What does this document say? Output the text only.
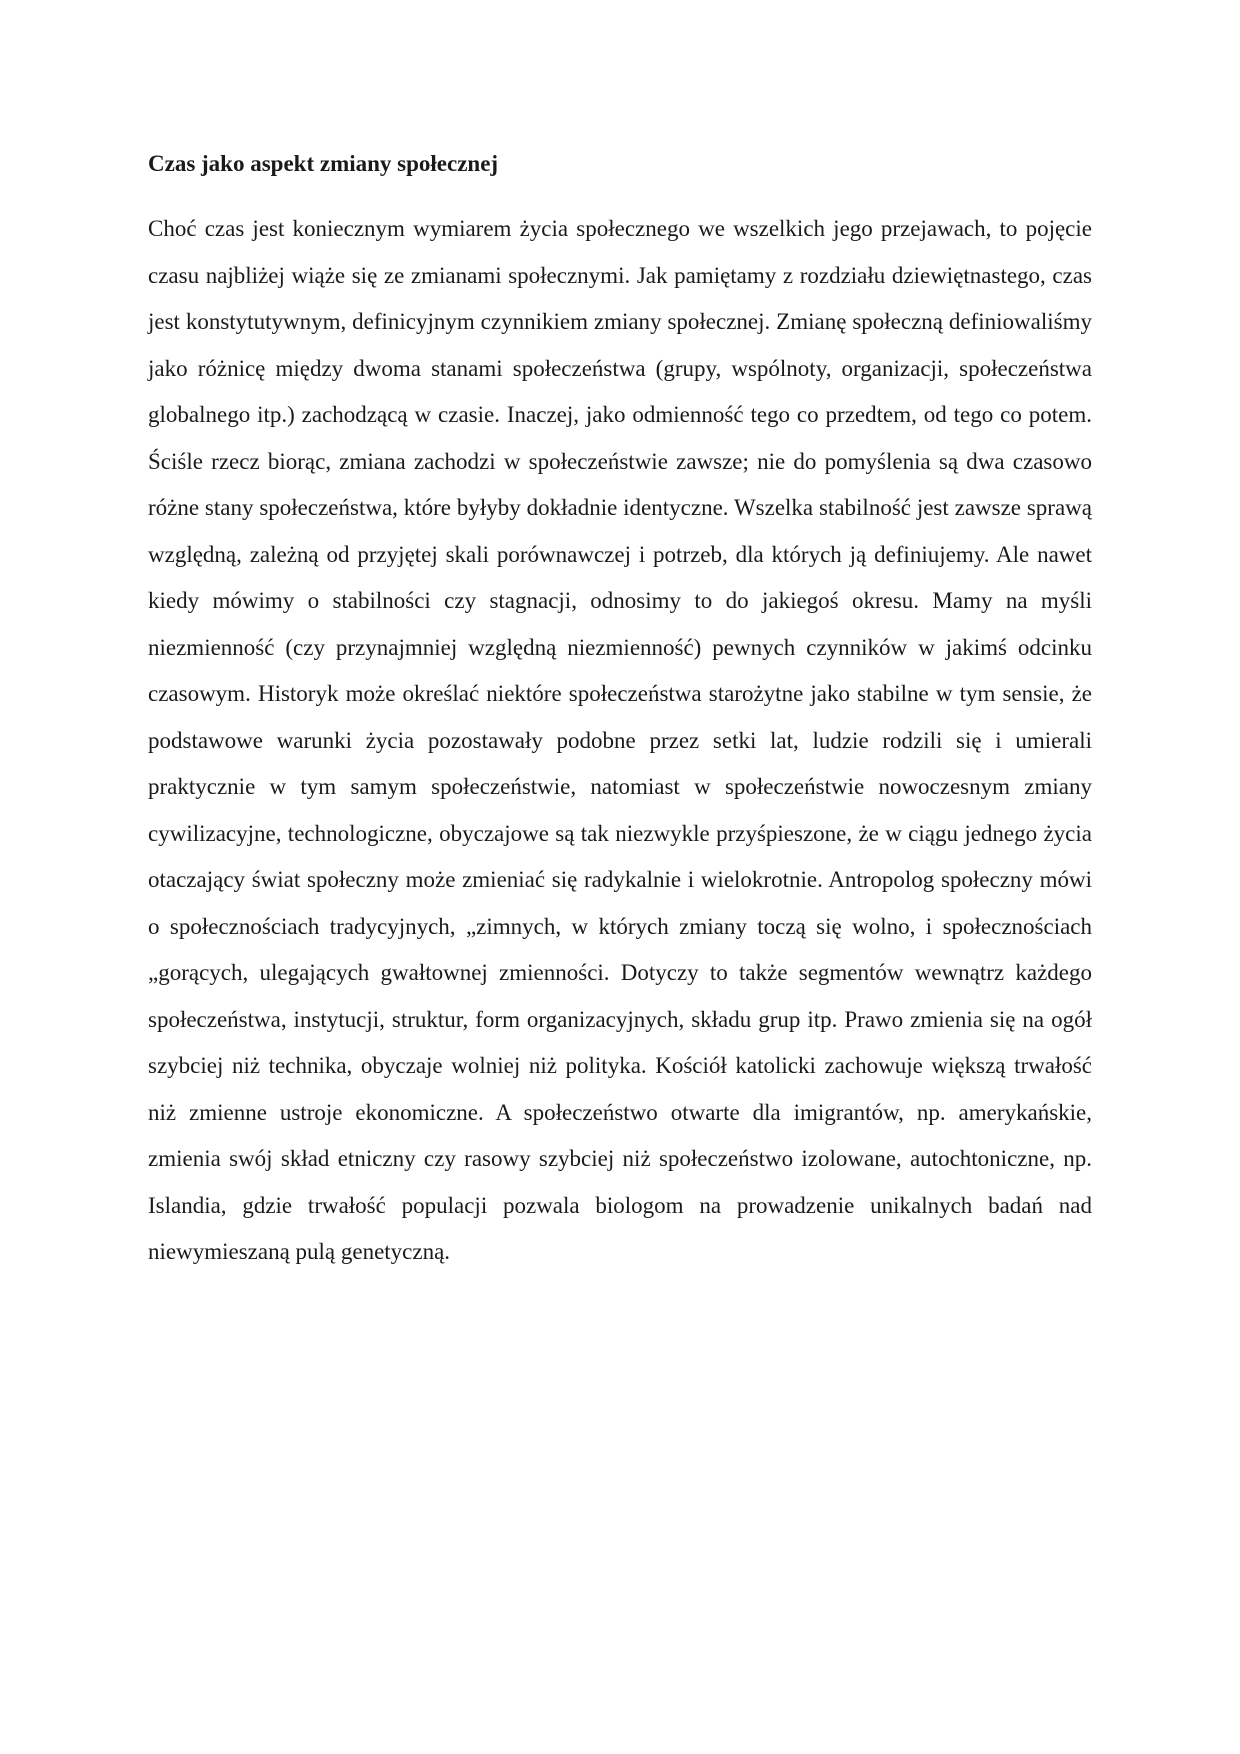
Czas jako aspekt zmiany społecznej

Choć czas jest koniecznym wymiarem życia społecznego we wszelkich jego przejawach, to pojęcie czasu najbliżej wiąże się ze zmianami społecznymi. Jak pamiętamy z rozdziału dziewiętnastego, czas jest konstytutywnym, definicyjnym czynnikiem zmiany społecznej. Zmianę społeczną definiowaliśmy jako różnicę między dwoma stanami społeczeństwa (grupy, wspólnoty, organizacji, społeczeństwa globalnego itp.) zachodzącą w czasie. Inaczej, jako odmienność tego co przedtem, od tego co potem. Ściśle rzecz biorąc, zmiana zachodzi w społeczeństwie zawsze; nie do pomyślenia są dwa czasowo różne stany społeczeństwa, które byłyby dokładnie identyczne. Wszelka stabilność jest zawsze sprawą względną, zależną od przyjętej skali porównawczej i potrzeb, dla których ją definiujemy. Ale nawet kiedy mówimy o stabilności czy stagnacji, odnosimy to do jakiegoś okresu. Mamy na myśli niezmienność (czy przynajmniej względną niezmienność) pewnych czynników w jakimś odcinku czasowym. Historyk może określać niektóre społeczeństwa starożytne jako stabilne w tym sensie, że podstawowe warunki życia pozostawały podobne przez setki lat, ludzie rodzili się i umierali praktycznie w tym samym społeczeństwie, natomiast w społeczeństwie nowoczesnym zmiany cywilizacyjne, technologiczne, obyczajowe są tak niezwykle przyśpieszone, że w ciągu jednego życia otaczający świat społeczny może zmieniać się radykalnie i wielokrotnie. Antropolog społeczny mówi o społecznościach tradycyjnych, „zimnych, w których zmiany toczą się wolno, i społecznościach „gorących, ulegających gwałtownej zmienności. Dotyczy to także segmentów wewnątrz każdego społeczeństwa, instytucji, struktur, form organizacyjnych, składu grup itp. Prawo zmienia się na ogół szybciej niż technika, obyczaje wolniej niż polityka. Kościół katolicki zachowuje większą trwałość niż zmienne ustroje ekonomiczne. A społeczeństwo otwarte dla imigrantów, np. amerykańskie, zmienia swój skład etniczny czy rasowy szybciej niż społeczeństwo izolowane, autochtoniczne, np. Islandia, gdzie trwałość populacji pozwala biologom na prowadzenie unikalnych badań nad niewymieszaną pulą genetyczną.
